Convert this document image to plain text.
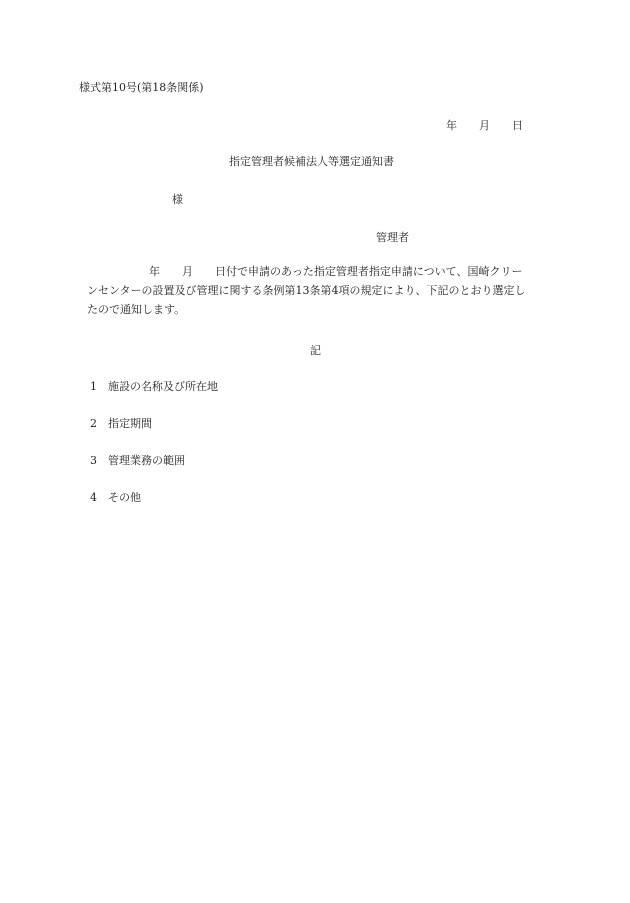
様式第10号(第18条関係)
年 月 日
指定管理者候補法人等選定通知書
様
管理者
年 月 日付で申請のあった指定管理者指定申請について、国崎クリー
ンセンターの設置及び管理に関する条例第13条第4項の規定により、下記のとおり選定し
たので通知します。
記
1 施設の名称及び所在地
2 指定期間
3 管理業務の範囲
4 その他
